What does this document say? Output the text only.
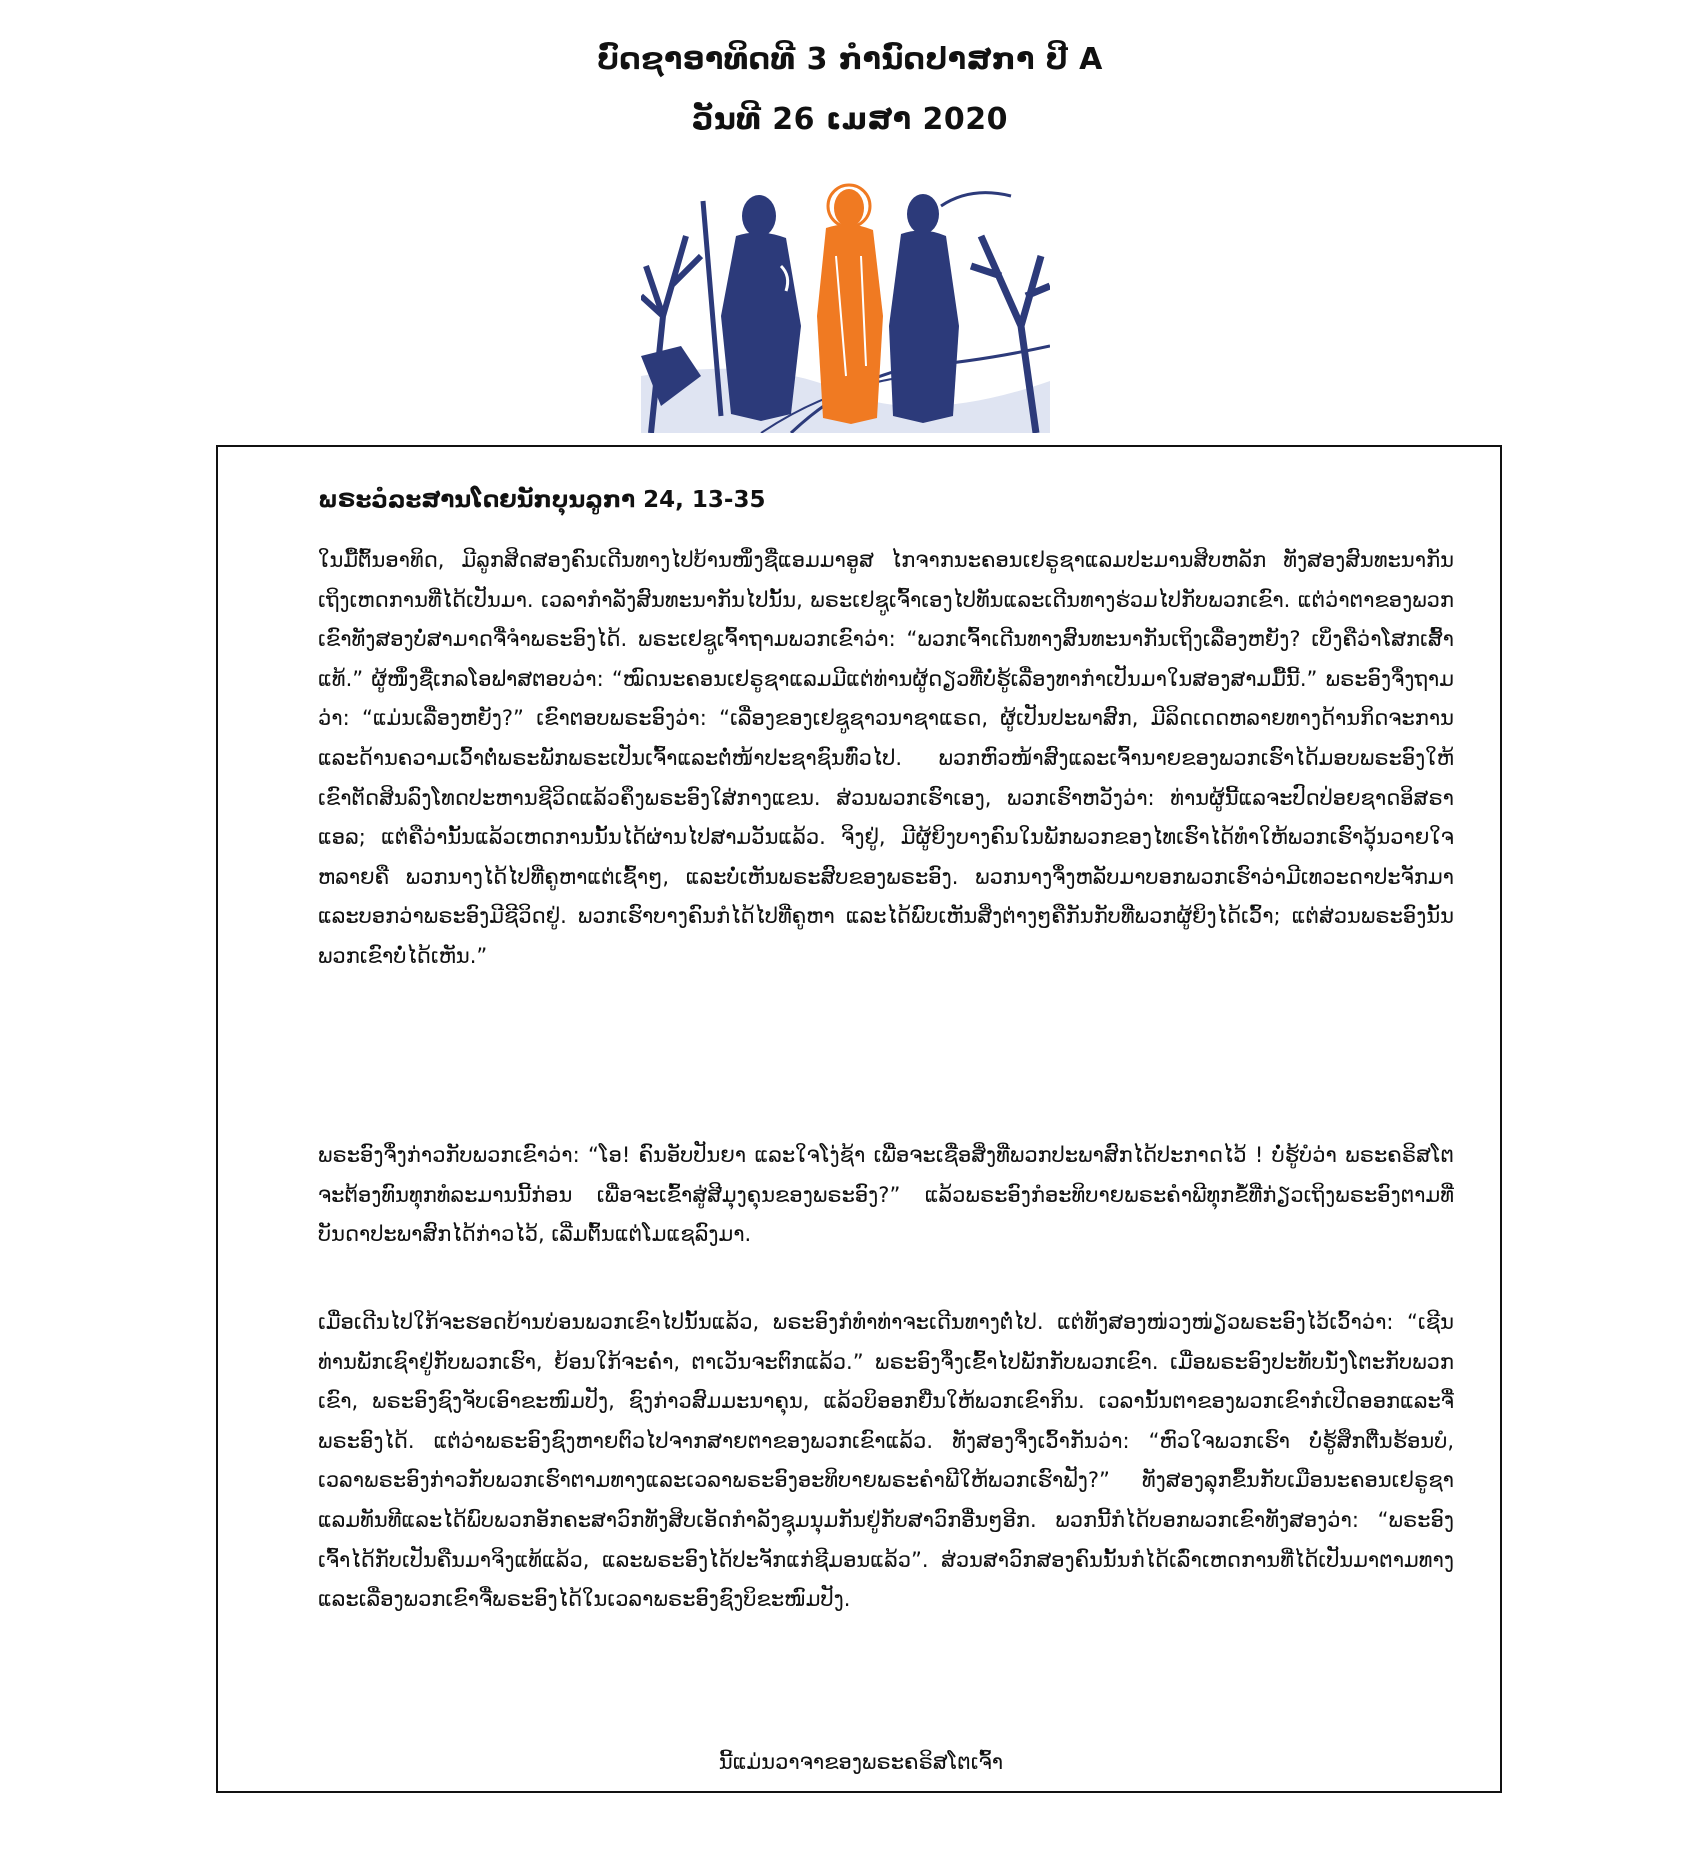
ບົດຊາອາທິດທີ 3 ກຳນົດປາສກາ ປີ A
ວັນທີ 26 ເມສາ 2020
ພຣະວໍລະສານໂດຍນັກບຸນລູກາ 24, 13-35

ໃນມື້ຕົ້ນອາທິດ, ມີລູກສິດສອງຄົນເດີນທາງໄປບ້ານໜຶ່ງຊື່ແອມມາອູສ ໄກຈາກນະຄອນເຢຣູຊາແລມປະມານສິບຫລັກ ທັງສອງສົນທະນາກັນເຖິງເຫດການທີ່ໄດ້ເປັນມາ. ເວລາກຳລັງສົນທະນາກັນໄປນັ້ນ, ພຣະເຢຊູເຈົ້າເອງໄປທັນແລະເດີນທາງຮ່ວມໄປກັບພວກເຂົາ. ແຕ່ວ່າຕາຂອງພວກເຂົາທັງສອງບໍ່ສາມາດຈື່ຈຳພຣະອົງໄດ້. ພຣະເຢຊູເຈົ້າຖາມພວກເຂົາວ່າ: “ພວກເຈົ້າເດີນທາງສົນທະນາກັນເຖິງເລື່ອງຫຍັງ? ເບິ່ງຄືວ່າໂສກເສົ້າແທ້.” ຜູ້ໜຶ່ງຊື່ເກລໂອຟາສຕອບວ່າ: “ໝົດນະຄອນເຢຣູຊາແລມມີແຕ່ທ່ານຜູ້ດຽວທີ່ບໍ່ຮູ້ເລື່ອງທາກຳເປັນມາໃນສອງສາມມື້ນີ້.” ພຣະອົງຈຶ່ງຖາມວ່າ: “ແມ່ນເລື່ອງຫຍັງ?” ເຂົາຕອບພຣະອົງວ່າ: “ເລື່ອງຂອງເຢຊູຊາວນາຊາແຣດ, ຜູ້ເປັນປະພາສົກ, ມີລິດເດດຫລາຍທາງດ້ານກິດຈະການແລະດ້ານຄວາມເວົ້າຕໍ່ພຣະພັກພຣະເປັນເຈົ້າແລະຕໍ່ໜ້າປະຊາຊົນທົ່ວໄປ. ພວກຫົວໜ້າສົງແລະເຈົ້ານາຍຂອງພວກເຮົາໄດ້ມອບພຣະອົງໃຫ້ເຂົາຕັດສິນລົງໂທດປະຫານຊີວິດແລ້ວຄຶງພຣະອົງໃສ່ກາງແຂນ. ສ່ວນພວກເຮົາເອງ, ພວກເຮົາຫວັງວ່າ: ທ່ານຜູ້ນີ້ແລຈະປົດປ່ອຍຊາດອິສຣາແອລ; ແຕ່ຄືວ່ານັ້ນແລ້ວເຫດການນັ້ນໄດ້ຜ່ານໄປສາມວັນແລ້ວ. ຈິງຢູ່, ມີຜູ້ຍິງບາງຄົນໃນພັກພວກຂອງໄທເຮົາໄດ້ທຳໃຫ້ພວກເຮົາວຸ້ນວາຍໃຈຫລາຍຄື ພວກນາງໄດ້ໄປທີ່ຄູຫາແຕ່ເຊົ້າໆ, ແລະບໍ່ເຫັນພຣະສົບຂອງພຣະອົງ. ພວກນາງຈຶ່ງຫລັບມາບອກພວກເຮົາວ່າມີເທວະດາປະຈັກມາແລະບອກວ່າພຣະອົງມີຊີວິດຢູ່. ພວກເຮົາບາງຄົນກໍໄດ້ໄປທີ່ຄູຫາ ແລະໄດ້ພົບເຫັນສິ່ງຕ່າງໆຄືກັນກັບທີ່ພວກຜູ້ຍິງໄດ້ເວົ້າ; ແຕ່ສ່ວນພຣະອົງນັ້ນພວກເຂົາບໍ່ໄດ້ເຫັນ.”

ພຣະອົງຈຶ່ງກ່າວກັບພວກເຂົາວ່າ: “ໂອ! ຄົນອັບປັນຍາ ແລະໃຈໂງ່ຊ້າ ເພື່ອຈະເຊື່ອສິ່ງທີ່ພວກປະພາສົກໄດ້ປະກາດໄວ້ ! ບໍ່ຮູ້ບໍວ່າ ພຣະຄຣິສໂຕຈະຕ້ອງທົນທຸກທໍລະມານນີ້ກ່ອນ ເພື່ອຈະເຂົ້າສູ່ສີມຸງຄຸນຂອງພຣະອົງ?” ແລ້ວພຣະອົງກໍອະທິບາຍພຣະຄຳພີທຸກຂໍ້ທີ່ກ່ຽວເຖິງພຣະອົງຕາມທີ່ບັນດາປະພາສົກໄດ້ກ່າວໄວ້, ເລີ່ມຕົ້ນແຕ່ໂມແຊລົງມາ.

ເມື່ອເດີນໄປໃກ້ຈະຮອດບ້ານບ່ອນພວກເຂົາໄປນັ້ນແລ້ວ, ພຣະອົງກໍທຳທ່າຈະເດີນທາງຕໍ່ໄປ. ແຕ່ທັງສອງໜ່ວງໜ່ຽວພຣະອົງໄວ້ເວົ້າວ່າ: “ເຊີນທ່ານພັກເຊົາຢູ່ກັບພວກເຮົາ, ຍ້ອນໃກ້ຈະຄ່ຳ, ຕາເວັນຈະຕົກແລ້ວ.” ພຣະອົງຈຶ່ງເຂົ້າໄປພັກກັບພວກເຂົາ. ເມື່ອພຣະອົງປະທັບນັ່ງໂຕະກັບພວກເຂົາ, ພຣະອົງຊົງຈັບເອົາຂະໜົມປັງ, ຊົງກ່າວສົມມະນາຄຸນ, ແລ້ວບິອອກຍື່ນໃຫ້ພວກເຂົາກິນ. ເວລານັ້ນຕາຂອງພວກເຂົາກໍເປີດອອກແລະຈື່ພຣະອົງໄດ້. ແຕ່ວ່າພຣະອົງຊົງຫາຍຕົວໄປຈາກສາຍຕາຂອງພວກເຂົາແລ້ວ. ທັງສອງຈຶ່ງເວົ້າກັນວ່າ: “ຫົວໃຈພວກເຮົາ ບໍ່ຮູ້ສຶກຕື່ນຮ້ອນບໍ, ເວລາພຣະອົງກ່າວກັບພວກເຮົາຕາມທາງແລະເວລາພຣະອົງອະທິບາຍພຣະຄຳພີໃຫ້ພວກເຮົາຟັງ?” ທັງສອງລຸກຂຶ້ນກັບເມືອນະຄອນເຢຣູຊາແລມທັນທີແລະໄດ້ພົບພວກອັກຄະສາວົກທັງສິບເອັດກຳລັງຊຸມນຸມກັນຢູ່ກັບສາວົກອື່ນໆອີກ. ພວກນີ້ກໍໄດ້ບອກພວກເຂົາທັງສອງວ່າ: “ພຣະອົງເຈົ້າໄດ້ກັບເປັນຄືນມາຈິງແທ້ແລ້ວ, ແລະພຣະອົງໄດ້ປະຈັກແກ່ຊີມອນແລ້ວ”. ສ່ວນສາວົກສອງຄົນນັ້ນກໍໄດ້ເລົ່າເຫດການທີ່ໄດ້ເປັນມາຕາມທາງແລະເລື່ອງພວກເຂົາຈື່ພຣະອົງໄດ້ໃນເວລາພຣະອົງຊົງບິຂະໜົມປັງ.

ນີ້ແມ່ນວາຈາຂອງພຣະຄຣິສໂຕເຈົ້າ
